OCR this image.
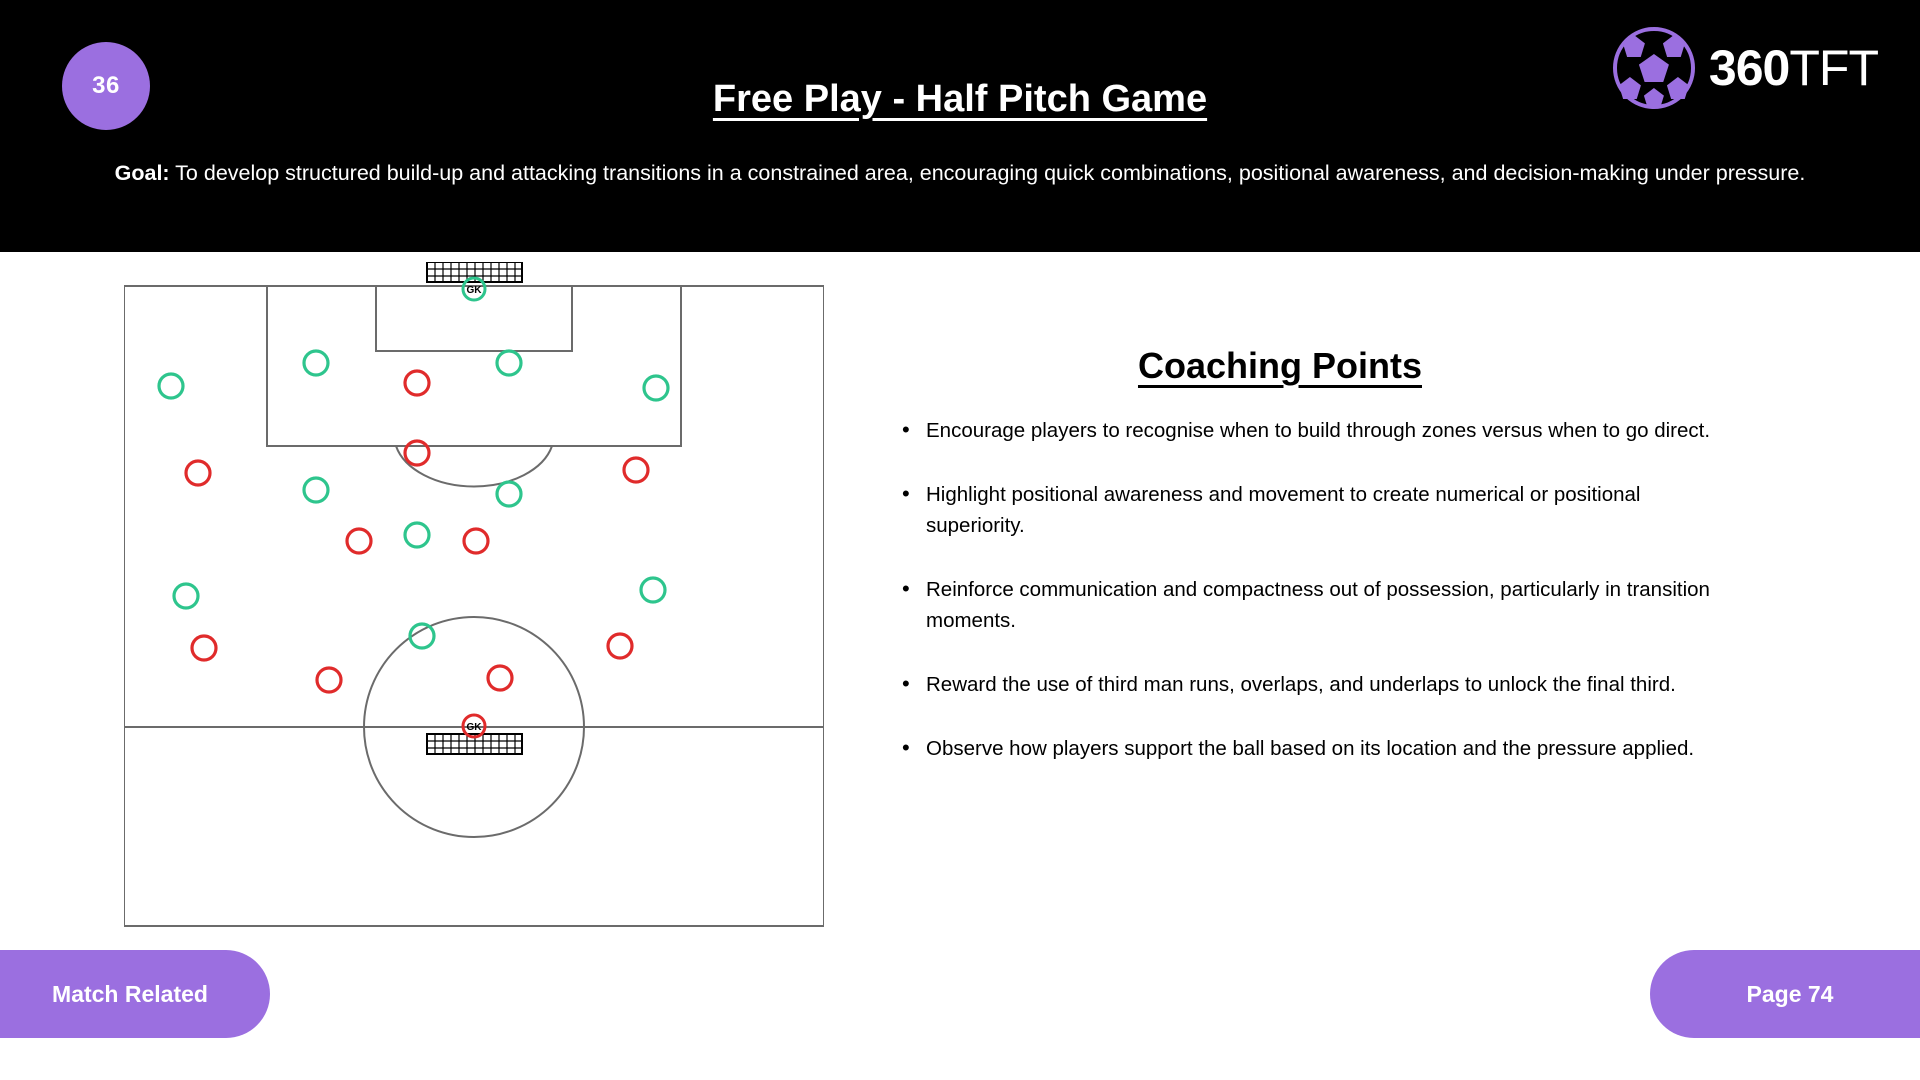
36	Free Play - Half Pitch Game
Goal: To develop structured build-up and attacking transitions in a constrained area, encouraging quick combinations, positional awareness, and decision-making under pressure.
360TFT
GK
GK
Coaching Points
• Encourage players to recognise when to build through zones versus when to go direct.
• Highlight positional awareness and movement to create numerical or positional superiority.
• Reinforce communication and compactness out of possession, particularly in transition moments.
• Reward the use of third man runs, overlaps, and underlaps to unlock the final third.
• Observe how players support the ball based on its location and the pressure applied.
Match Related	Page 74
